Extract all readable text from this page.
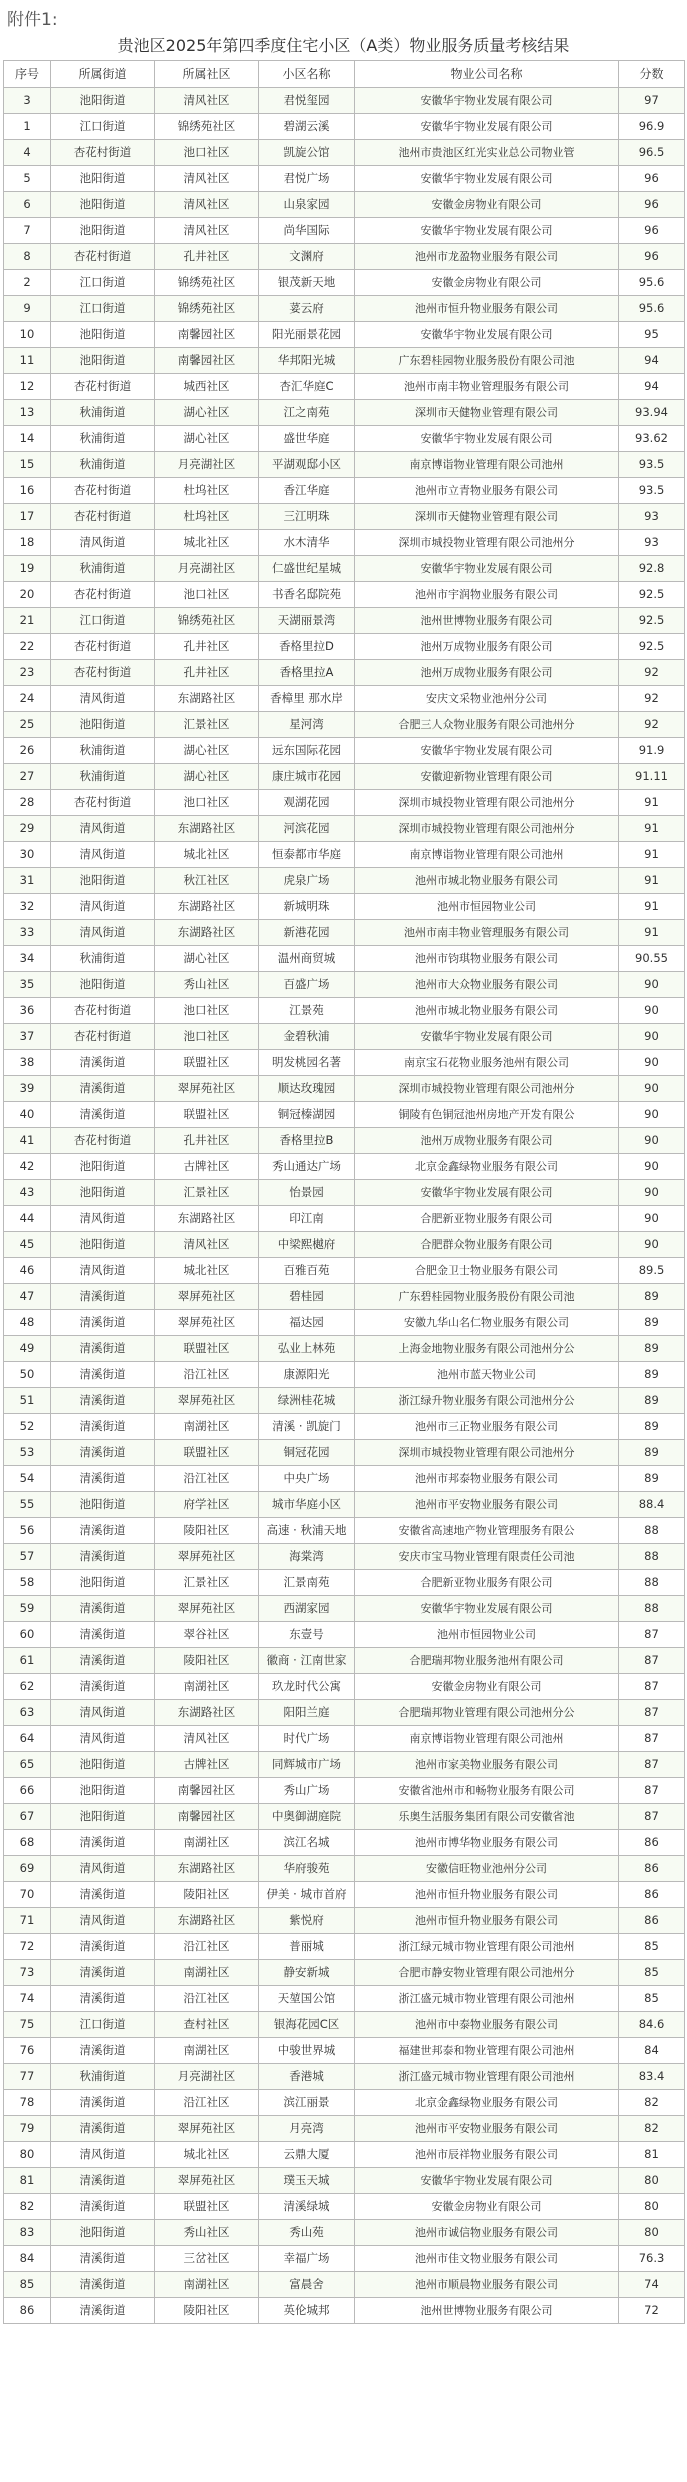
附件1:
贵池区2025年第四季度住宅小区（A类）物业服务质量考核结果
序号	所属街道	所属社区	小区名称	物业公司名称	分数
3	池阳街道	清风社区	君悦玺园	安徽华宇物业发展有限公司	97
1	江口街道	锦绣苑社区	碧湖云溪	安徽华宇物业发展有限公司	96.9
4	杏花村街道	池口社区	凯旋公馆	池州市贵池区红光实业总公司物业管	96.5
5	池阳街道	清风社区	君悦广场	安徽华宇物业发展有限公司	96
6	池阳街道	清风社区	山泉家园	安徽金房物业有限公司	96
7	池阳街道	清风社区	尚华国际	安徽华宇物业发展有限公司	96
8	杏花村街道	孔井社区	文渊府	池州市龙盈物业服务有限公司	96
2	江口街道	锦绣苑社区	银茂新天地	安徽金房物业有限公司	95.6
9	江口街道	锦绣苑社区	荽云府	池州市恒升物业服务有限公司	95.6
10	池阳街道	南馨园社区	阳光丽景花园	安徽华宇物业发展有限公司	95
11	池阳街道	南馨园社区	华邦阳光城	广东碧桂园物业服务股份有限公司池	94
12	杏花村街道	城西社区	杏汇华庭C	池州市南丰物业管理服务有限公司	94
13	秋浦街道	湖心社区	江之南苑	深圳市天健物业管理有限公司	93.94
14	秋浦街道	湖心社区	盛世华庭	安徽华宇物业发展有限公司	93.62
15	秋浦街道	月亮湖社区	平湖观邸小区	南京博诣物业管理有限公司池州	93.5
16	杏花村街道	杜坞社区	香江华庭	池州市立青物业服务有限公司	93.5
17	杏花村街道	杜坞社区	三江明珠	深圳市天健物业管理有限公司	93
18	清风街道	城北社区	水木清华	深圳市城投物业管理有限公司池州分	93
19	秋浦街道	月亮湖社区	仁盛世纪星城	安徽华宇物业发展有限公司	92.8
20	杏花村街道	池口社区	书香名邸院苑	池州市宇润物业服务有限公司	92.5
21	江口街道	锦绣苑社区	天湖丽景湾	池州世博物业服务有限公司	92.5
22	杏花村街道	孔井社区	香格里拉D	池州万成物业服务有限公司	92.5
23	杏花村街道	孔井社区	香格里拉A	池州万成物业服务有限公司	92
24	清风街道	东湖路社区	香樟里 那水岸	安庆文采物业池州分公司	92
25	池阳街道	汇景社区	星河湾	合肥三人众物业服务有限公司池州分	92
26	秋浦街道	湖心社区	远东国际花园	安徽华宇物业发展有限公司	91.9
27	秋浦街道	湖心社区	康庄城市花园	安徽迎新物业管理有限公司	91.11
28	杏花村街道	池口社区	观湖花园	深圳市城投物业管理有限公司池州分	91
29	清风街道	东湖路社区	河滨花园	深圳市城投物业管理有限公司池州分	91
30	清风街道	城北社区	恒泰都市华庭	南京博诣物业管理有限公司池州	91
31	池阳街道	秋江社区	虎泉广场	池州市城北物业服务有限公司	91
32	清风街道	东湖路社区	新城明珠	池州市恒园物业公司	91
33	清风街道	东湖路社区	新港花园	池州市南丰物业管理服务有限公司	91
34	秋浦街道	湖心社区	温州商贸城	池州市钧琪物业服务有限公司	90.55
35	池阳街道	秀山社区	百盛广场	池州市大众物业服务有限公司	90
36	杏花村街道	池口社区	江景苑	池州市城北物业服务有限公司	90
37	杏花村街道	池口社区	金碧秋浦	安徽华宇物业发展有限公司	90
38	清溪街道	联盟社区	明发桃园名著	南京宝石花物业服务池州有限公司	90
39	清溪街道	翠屏苑社区	顺达玫瑰园	深圳市城投物业管理有限公司池州分	90
40	清溪街道	联盟社区	铜冠榛湖园	铜陵有色铜冠池州房地产开发有限公	90
41	杏花村街道	孔井社区	香格里拉B	池州万成物业服务有限公司	90
42	池阳街道	古牌社区	秀山通达广场	北京金鑫绿物业服务有限公司	90
43	池阳街道	汇景社区	怡景园	安徽华宇物业发展有限公司	90
44	清风街道	东湖路社区	印江南	合肥新亚物业服务有限公司	90
45	池阳街道	清风社区	中梁熙樾府	合肥群众物业服务有限公司	90
46	清风街道	城北社区	百雅百苑	合肥金卫士物业服务有限公司	89.5
47	清溪街道	翠屏苑社区	碧桂园	广东碧桂园物业服务股份有限公司池	89
48	清溪街道	翠屏苑社区	福达园	安徽九华山名仁物业服务有限公司	89
49	清溪街道	联盟社区	弘业上林苑	上海金地物业服务有限公司池州分公	89
50	清溪街道	沿江社区	康源阳光	池州市蓝天物业公司	89
51	清溪街道	翠屏苑社区	绿洲桂花城	浙江绿升物业服务有限公司池州分公	89
52	清溪街道	南湖社区	清溪 · 凯旋门	池州市三正物业服务有限公司	89
53	清溪街道	联盟社区	铜冠花园	深圳市城投物业管理有限公司池州分	89
54	清溪街道	沿江社区	中央广场	池州市邦泰物业服务有限公司	89
55	池阳街道	府学社区	城市华庭小区	池州市平安物业服务有限公司	88.4
56	清溪街道	陵阳社区	高速 · 秋浦天地	安徽省高速地产物业管理服务有限公	88
57	清溪街道	翠屏苑社区	海棠湾	安庆市宝马物业管理有限责任公司池	88
58	池阳街道	汇景社区	汇景南苑	合肥新亚物业服务有限公司	88
59	清溪街道	翠屏苑社区	西湖家园	安徽华宇物业发展有限公司	88
60	清溪街道	翠谷社区	东壹号	池州市恒园物业公司	87
61	清溪街道	陵阳社区	徽商 · 江南世家	合肥瑞邦物业服务池州有限公司	87
62	清溪街道	南湖社区	玖龙时代公寓	安徽金房物业有限公司	87
63	清风街道	东湖路社区	阳阳兰庭	合肥瑞邦物业管理有限公司池州分公	87
64	清风街道	清风社区	时代广场	南京博诣物业管理有限公司池州	87
65	池阳街道	古牌社区	同辉城市广场	池州市家美物业服务有限公司	87
66	池阳街道	南馨园社区	秀山广场	安徽省池州市和畅物业服务有限公司	87
67	池阳街道	南馨园社区	中奥御湖庭院	乐奥生活服务集团有限公司安徽省池	87
68	清溪街道	南湖社区	滨江名城	池州市博华物业服务有限公司	86
69	清风街道	东湖路社区	华府骏苑	安徽信旺物业池州分公司	86
70	清溪街道	陵阳社区	伊美 · 城市首府	池州市恒升物业服务有限公司	86
71	清风街道	东湖路社区	紫悦府	池州市恒升物业服务有限公司	86
72	清溪街道	沿江社区	普丽城	浙江绿元城市物业管理有限公司池州	85
73	清溪街道	南湖社区	静安新城	合肥市静安物业管理有限公司池州分	85
74	清溪街道	沿江社区	天堃国公馆	浙江盛元城市物业管理有限公司池州	85
75	江口街道	查村社区	银海花园C区	池州市中泰物业服务有限公司	84.6
76	清溪街道	南湖社区	中骏世界城	福建世邦泰和物业管理有限公司池州	84
77	秋浦街道	月亮湖社区	香港城	浙江盛元城市物业管理有限公司池州	83.4
78	清溪街道	沿江社区	滨江丽景	北京金鑫绿物业服务有限公司	82
79	清溪街道	翠屏苑社区	月亮湾	池州市平安物业服务有限公司	82
80	清风街道	城北社区	云鼎大厦	池州市辰祥物业服务有限公司	81
81	清溪街道	翠屏苑社区	璞玉天城	安徽华宇物业发展有限公司	80
82	清溪街道	联盟社区	清溪绿城	安徽金房物业有限公司	80
83	池阳街道	秀山社区	秀山苑	池州市诚信物业服务有限公司	80
84	清溪街道	三岔社区	幸福广场	池州市佳文物业服务有限公司	76.3
85	清溪街道	南湖社区	富晨舍	池州市顺晨物业服务有限公司	74
86	清溪街道	陵阳社区	英伦城邦	池州世博物业服务有限公司	72
